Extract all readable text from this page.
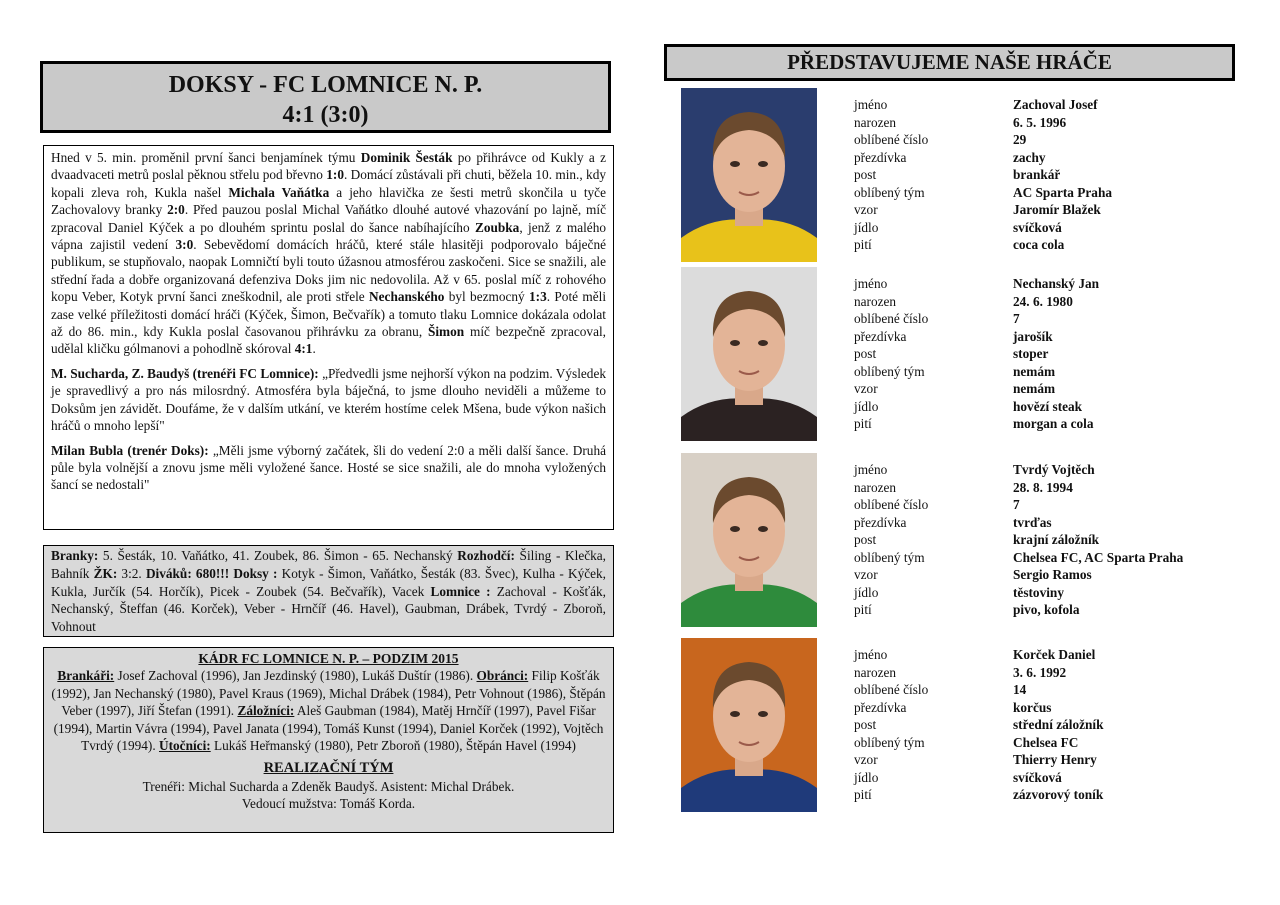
DOKSY - FC LOMNICE N. P.
4:1 (3:0)

Hned v 5. min. proměnil první šanci benjamínek týmu Dominik Šesták po přihrávce od Kukly a z dvaadvaceti metrů poslal pěknou střelu pod břevno 1:0. Domácí zůstávali při chuti, běžela 10. min., kdy kopali zleva roh, Kukla našel Michala Vaňátka a jeho hlavička ze šesti metrů skončila u tyče Zachovalovy branky 2:0. Před pauzou poslal Michal Vaňátko dlouhé autové vhazování po lajně, míč zpracoval Daniel Kýček a po dlouhém sprintu poslal do šance nabíhajícího Zoubka, jenž z malého vápna zajistil vedení 3:0. Sebevědomí domácích hráčů, které stále hlasitěji podporovalo báječné publikum, se stupňovalo, naopak Lomničtí byli touto úžasnou atmosférou zaskočeni. Sice se snažili, ale střední řada a dobře organizovaná defenziva Doks jim nic nedovolila. Až v 65. poslal míč z rohového kopu Veber, Kotyk první šanci zneškodnil, ale proti střele Nechanského byl bezmocný 1:3. Poté měli zase velké příležitosti domácí hráči (Kýček, Šimon, Bečvařík) a tomuto tlaku Lomnice dokázala odolat až do 86. min., kdy Kukla poslal časovanou přihrávku za obranu, Šimon míč bezpečně zpracoval, udělal kličku gólmanovi a pohodlně skóroval 4:1.

M. Sucharda, Z. Baudyš (trenéři FC Lomnice): „Předvedli jsme nejhorší výkon na podzim. Výsledek je spravedlivý a pro nás milosrdný. Atmosféra byla báječná, to jsme dlouho neviděli a můžeme to Doksům jen závidět. Doufáme, že v dalším utkání, ve kterém hostíme celek Mšena, bude výkon našich hráčů o mnoho lepší"

Milan Bubla (trenér Doks): „Měli jsme výborný začátek, šli do vedení 2:0 a měli další šance. Druhá půle byla volnější a znovu jsme měli vyložené šance. Hosté se sice snažili, ale do mnoha vyložených šancí se nedostali"

Branky: 5. Šesták, 10. Vaňátko, 41. Zoubek, 86. Šimon - 65. Nechanský Rozhodčí: Šiling - Klečka, Bahník ŽK: 3:2. Diváků: 680!!! Doksy : Kotyk - Šimon, Vaňátko, Šesták (83. Švec), Kulha - Kýček, Kukla, Jurčík (54. Horčík), Picek - Zoubek (54. Bečvařík), Vacek Lomnice : Zachoval - Košťák, Nechanský, Šteffan (46. Korček), Veber - Hrnčíř (46. Havel), Gaubman, Drábek, Tvrdý - Zboroň, Vohnout
KÁDR FC LOMNICE N. P. – PODZIM 2015
Brankáři: Josef Zachoval (1996), Jan Jezdinský (1980), Lukáš Duštír (1986). Obránci: Filip Košťák (1992), Jan Nechanský (1980), Pavel Kraus (1969), Michal Drábek (1984), Petr Vohnout (1986), Štěpán Veber (1997), Jiří Štefan (1991). Záložníci: Aleš Gaubman (1984), Matěj Hrnčíř (1997), Pavel Fišar (1994), Martin Vávra (1994), Pavel Janata (1994), Tomáš Kunst (1994), Daniel Korček (1992), Vojtěch Tvrdý (1994). Útočníci: Lukáš Heřmanský (1980), Petr Zboroň (1980), Štěpán Havel (1994)
REALIZAČNÍ TÝM
Trenéři: Michal Sucharda a Zdeněk Baudyš. Asistent: Michal Drábek.
Vedoucí mužstva: Tomáš Korda.
PŘEDSTAVUJEME NAŠE HRÁČE
jméno
narozen
oblíbené číslo
přezdívka
post
oblíbený tým
vzor
jídlo
pití
Zachoval Josef
6. 5. 1996
29
zachy
brankář
AC Sparta Praha
Jaromír Blažek
svíčková
coca cola
jméno
narozen
oblíbené číslo
přezdívka
post
oblíbený tým
vzor
jídlo
pití
Nechanský Jan
24. 6. 1980
7
jarošík
stoper
nemám
nemám
hovězí steak
morgan a cola
jméno
narozen
oblíbené číslo
přezdívka
post
oblíbený tým
vzor
jídlo
pití
Tvrdý Vojtěch
28. 8. 1994
7
tvrďas
krajní záložník
Chelsea FC, AC Sparta Praha
Sergio Ramos
těstoviny
pivo, kofola
jméno
narozen
oblíbené číslo
přezdívka
post
oblíbený tým
vzor
jídlo
pití
Korček Daniel
3. 6. 1992
14
korčus
střední záložník
Chelsea FC
Thierry Henry
svíčková
zázvorový toník
